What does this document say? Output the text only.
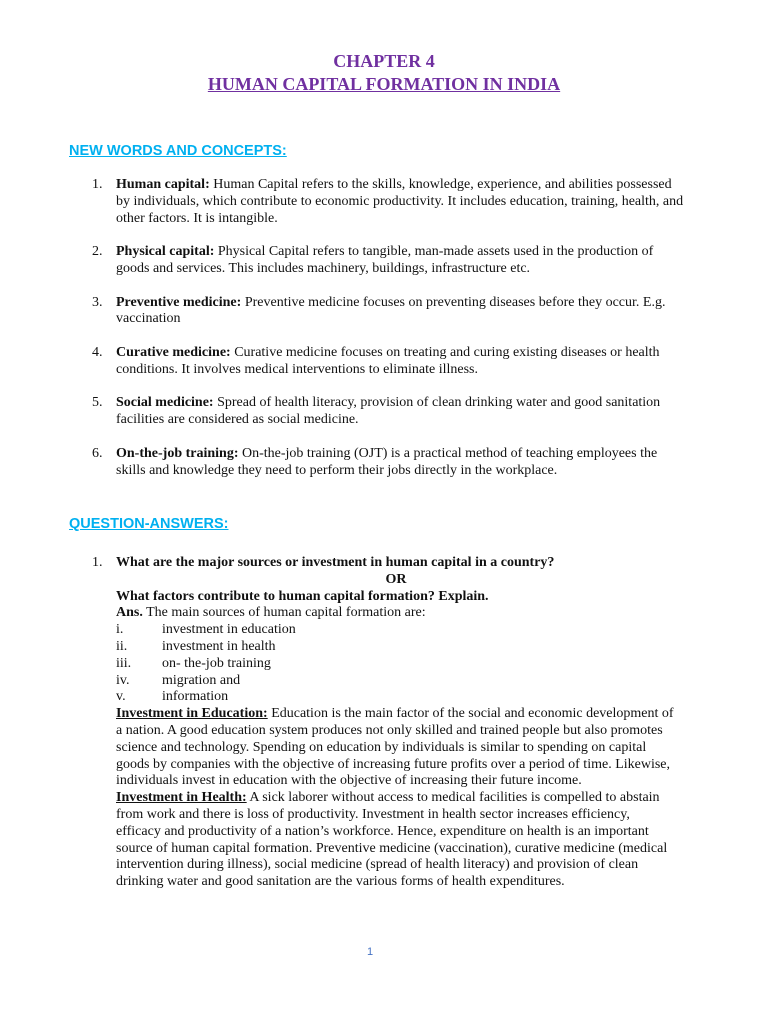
CHAPTER 4
HUMAN CAPITAL FORMATION IN INDIA
NEW WORDS AND CONCEPTS:
1. Human capital: Human Capital refers to the skills, knowledge, experience, and abilities possessed by individuals, which contribute to economic productivity. It includes education, training, health, and other factors. It is intangible.
2. Physical capital: Physical Capital refers to tangible, man-made assets used in the production of goods and services. This includes machinery, buildings, infrastructure etc.
3. Preventive medicine: Preventive medicine focuses on preventing diseases before they occur. E.g. vaccination
4. Curative medicine: Curative medicine focuses on treating and curing existing diseases or health conditions. It involves medical interventions to eliminate illness.
5. Social medicine: Spread of health literacy, provision of clean drinking water and good sanitation facilities are considered as social medicine.
6. On-the-job training: On-the-job training (OJT) is a practical method of teaching employees the skills and knowledge they need to perform their jobs directly in the workplace.
QUESTION-ANSWERS:
1. What are the major sources or investment in human capital in a country?
OR
What factors contribute to human capital formation? Explain.
Ans. The main sources of human capital formation are:
i.	investment in education
ii.	investment in health
iii.	on- the-job training
iv.	migration and
v.	information
Investment in Education: Education is the main factor of the social and economic development of a nation. A good education system produces not only skilled and trained people but also promotes science and technology. Spending on education by individuals is similar to spending on capital goods by companies with the objective of increasing future profits over a period of time. Likewise, individuals invest in education with the objective of increasing their future income.
Investment in Health: A sick laborer without access to medical facilities is compelled to abstain from work and there is loss of productivity. Investment in health sector increases efficiency, efficacy and productivity of a nation’s workforce. Hence, expenditure on health is an important source of human capital formation. Preventive medicine (vaccination), curative medicine (medical intervention during illness), social medicine (spread of health literacy) and provision of clean drinking water and good sanitation are the various forms of health expenditures.
1
